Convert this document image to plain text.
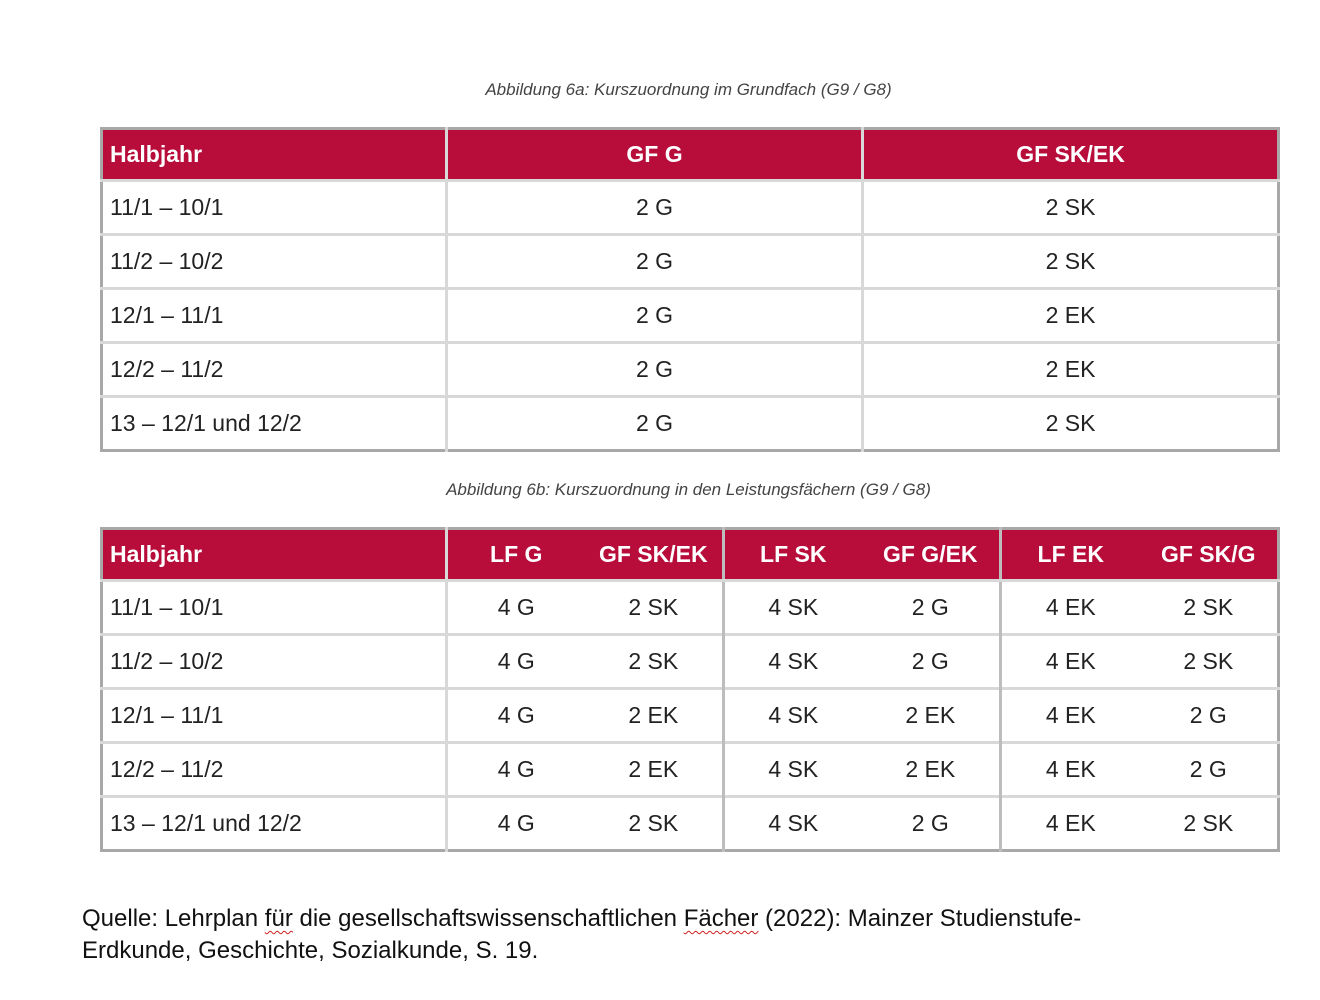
Abbildung 6a: Kurszuordnung im Grundfach (G9 / G8)
Halbjahr	GF G	GF SK/EK
11/1 – 10/1	2 G	2 SK
11/2 – 10/2	2 G	2 SK
12/1 – 11/1	2 G	2 EK
12/2 – 11/2	2 G	2 EK
13 – 12/1 und 12/2	2 G	2 SK
Abbildung 6b: Kurszuordnung in den Leistungsfächern (G9 / G8)
Halbjahr	LF G	GF SK/EK	LF SK	GF G/EK	LF EK	GF SK/G
11/1 – 10/1	4 G	2 SK	4 SK	2 G	4 EK	2 SK
11/2 – 10/2	4 G	2 SK	4 SK	2 G	4 EK	2 SK
12/1 – 11/1	4 G	2 EK	4 SK	2 EK	4 EK	2 G
12/2 – 11/2	4 G	2 EK	4 SK	2 EK	4 EK	2 G
13 – 12/1 und 12/2	4 G	2 SK	4 SK	2 G	4 EK	2 SK
Quelle: Lehrplan für die gesellschaftswissenschaftlichen Fächer (2022): Mainzer Studienstufe-
Erdkunde, Geschichte, Sozialkunde, S. 19.
